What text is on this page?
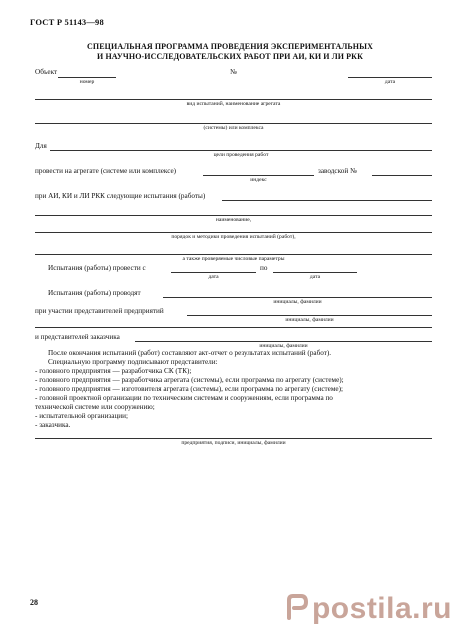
ГОСТ Р 51143—98
СПЕЦИАЛЬНАЯ ПРОГРАММА ПРОВЕДЕНИЯ ЭКСПЕРИМЕНТАЛЬНЫХ
И НАУЧНО-ИССЛЕДОВАТЕЛЬСКИХ РАБОТ ПРИ АИ, КИ И ЛИ РКК
Объект
номер
№
дата
вид испытаний, наименование агрегата
(системы) или комплекса
Для
цели проведения работ
провести на агрегате (системе или комплексе)
индекс
заводской №
при АИ, КИ и ЛИ РКК следующие испытания (работы)
наименование,
порядок и методики проведения испытаний (работ),
а также проверяемые числовые параметры
Испытания (работы) провести с
дата
по
дата
Испытания (работы) проводят
инициалы, фамилии
при участии представителей предприятий
инициалы, фамилии
и представителей заказчика
инициалы, фамилии
После окончания испытаний (работ) составляют акт-отчет о результатах испытаний (работ).
Специальную программу подписывают представители:
- головного предприятия — разработчика СК (ТК);
- головного предприятия — разработчика агрегата (системы), если программа по агрегату (системе);
- головного предприятия — изготовителя агрегата (системы), если программа по агрегату (системе);
- головной проектной организации по техническим системам и сооружениям, если программа по
технической системе или сооружению;
- испытательной организации;
- заказчика.
предприятия, подписи, инициалы, фамилии
28	postila.ru
